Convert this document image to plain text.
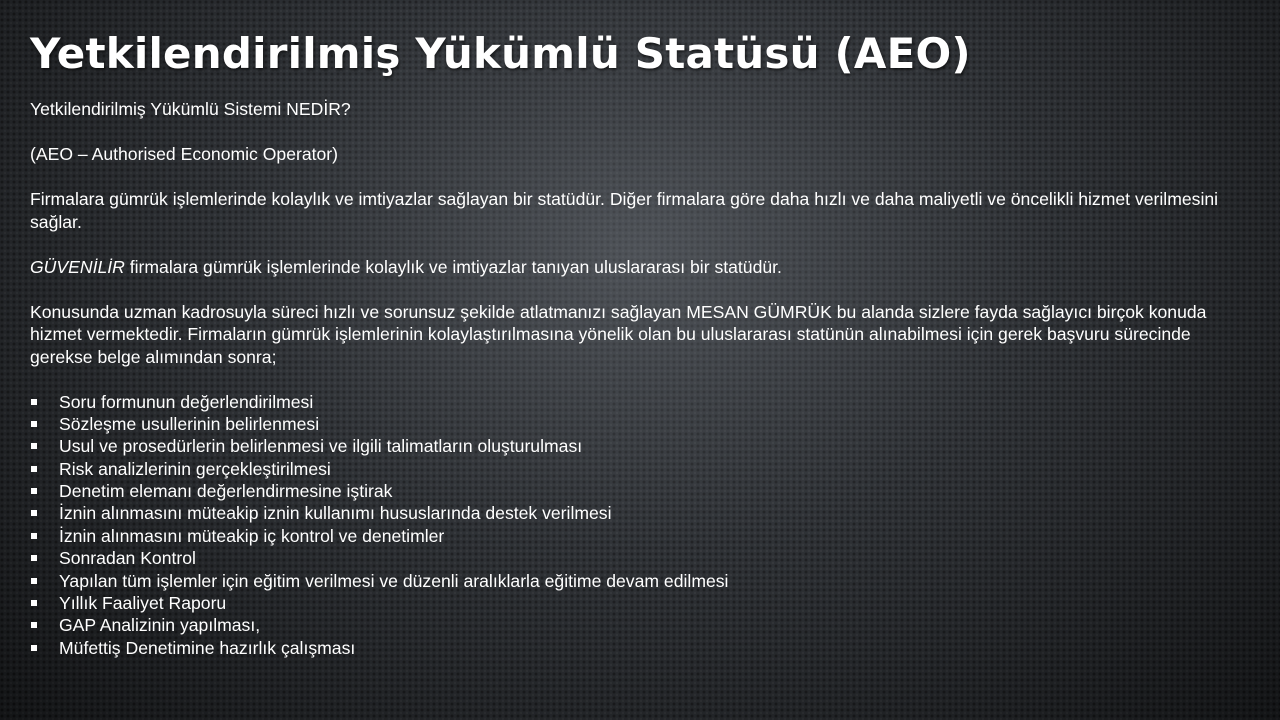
Yetkilendirilmiş Yükümlü Statüsü (AEO)

Yetkilendirilmiş Yükümlü Sistemi NEDİR?

(AEO – Authorised Economic Operator)

Firmalara gümrük işlemlerinde kolaylık ve imtiyazlar sağlayan bir statüdür. Diğer firmalara göre daha hızlı ve daha maliyetli ve öncelikli hizmet verilmesini sağlar.

GÜVENİLİR firmalara gümrük işlemlerinde kolaylık ve imtiyazlar tanıyan uluslararası bir statüdür.

Konusunda uzman kadrosuyla süreci hızlı ve sorunsuz şekilde atlatmanızı sağlayan MESAN GÜMRÜK bu alanda sizlere fayda sağlayıcı birçok konuda hizmet vermektedir. Firmaların gümrük işlemlerinin kolaylaştırılmasına yönelik olan bu uluslararası statünün alınabilmesi için gerek başvuru sürecinde gerekse belge alımından sonra;

Soru formunun değerlendirilmesi
Sözleşme usullerinin belirlenmesi
Usul ve prosedürlerin belirlenmesi ve ilgili talimatların oluşturulması
Risk analizlerinin gerçekleştirilmesi
Denetim elemanı değerlendirmesine iştirak
İznin alınmasını müteakip iznin kullanımı hususlarında destek verilmesi
İznin alınmasını müteakip iç kontrol ve denetimler
Sonradan Kontrol
Yapılan tüm işlemler için eğitim verilmesi ve düzenli aralıklarla eğitime devam edilmesi
Yıllık Faaliyet Raporu
GAP Analizinin yapılması,
Müfettiş Denetimine hazırlık çalışması
